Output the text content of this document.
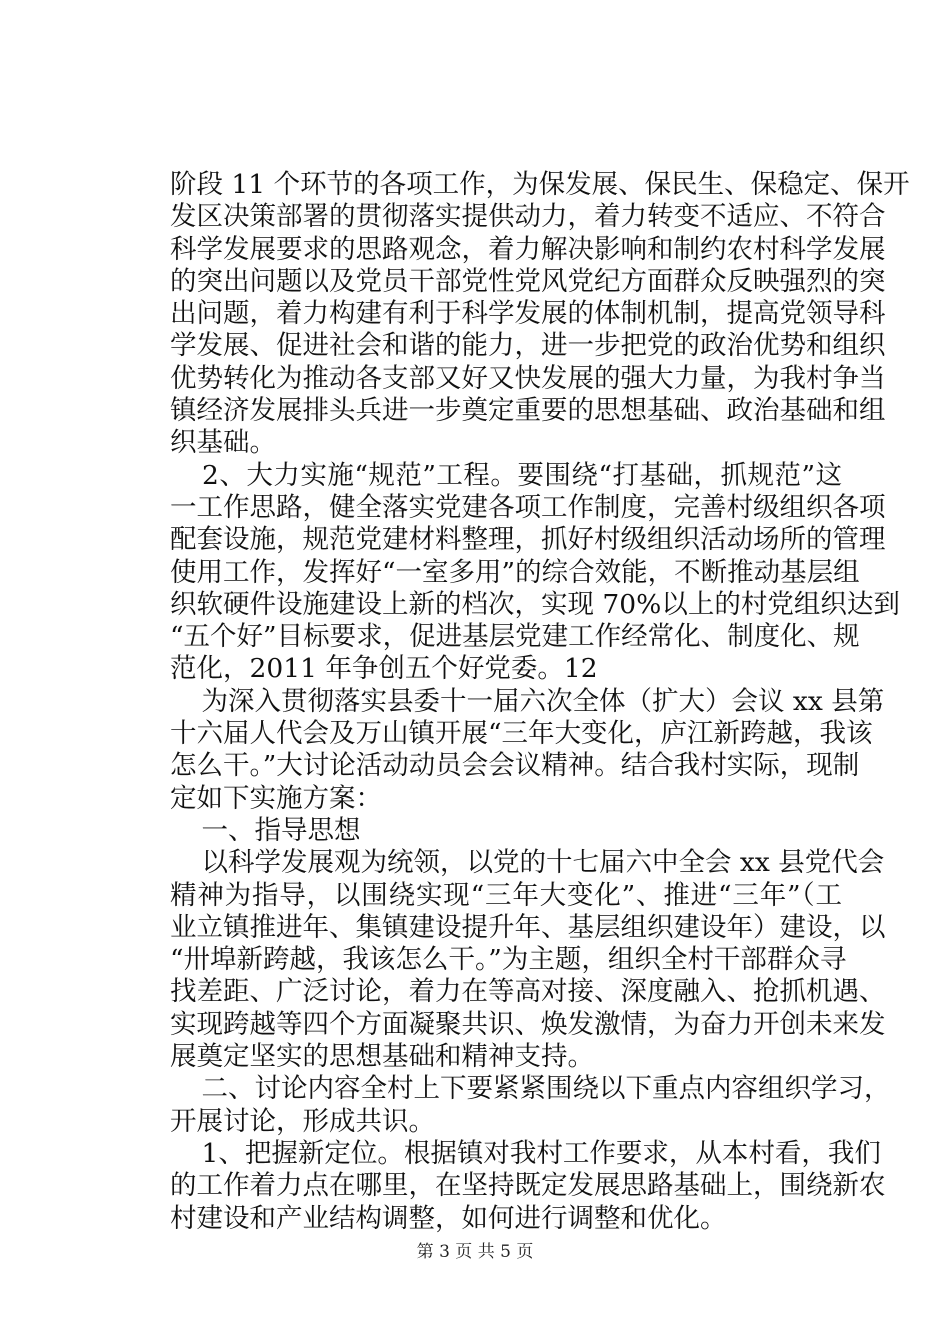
阶段 11 个环节的各项工作，为保发展、保民生、保稳定、保开
发区决策部署的贯彻落实提供动力，着力转变不适应、不符合
科学发展要求的思路观念，着力解决影响和制约农村科学发展
的突出问题以及党员干部党性党风党纪方面群众反映强烈的突
出问题，着力构建有利于科学发展的体制机制，提高党领导科
学发展、促进社会和谐的能力，进一步把党的政治优势和组织
优势转化为推动各支部又好又快发展的强大力量，为我村争当
镇经济发展排头兵进一步奠定重要的思想基础、政治基础和组
织基础。
　2、大力实施“规范”工程。要围绕“打基础，抓规范”这
一工作思路，健全落实党建各项工作制度，完善村级组织各项
配套设施，规范党建材料整理，抓好村级组织活动场所的管理
使用工作，发挥好“一室多用”的综合效能，不断推动基层组
织软硬件设施建设上新的档次，实现 70%以上的村党组织达到
“五个好”目标要求，促进基层党建工作经常化、制度化、规
范化，2011 年争创五个好党委。12
　为深入贯彻落实县委十一届六次全体（扩大）会议 xx 县第
十六届人代会及万山镇开展“三年大变化，庐江新跨越，我该
怎么干。”大讨论活动动员会会议精神。结合我村实际，现制
定如下实施方案：
　一、指导思想
　以科学发展观为统领，以党的十七届六中全会 xx 县党代会
精神为指导，以围绕实现“三年大变化”、推进“三年”（工
业立镇推进年、集镇建设提升年、基层组织建设年）建设，以
“卅埠新跨越，我该怎么干。”为主题，组织全村干部群众寻
找差距、广泛讨论，着力在等高对接、深度融入、抢抓机遇、
实现跨越等四个方面凝聚共识、焕发激情，为奋力开创未来发
展奠定坚实的思想基础和精神支持。
　二、讨论内容全村上下要紧紧围绕以下重点内容组织学习，
开展讨论，形成共识。
　1、把握新定位。根据镇对我村工作要求，从本村看，我们
的工作着力点在哪里，在坚持既定发展思路基础上，围绕新农
村建设和产业结构调整，如何进行调整和优化。
第 3 页 共 5 页
